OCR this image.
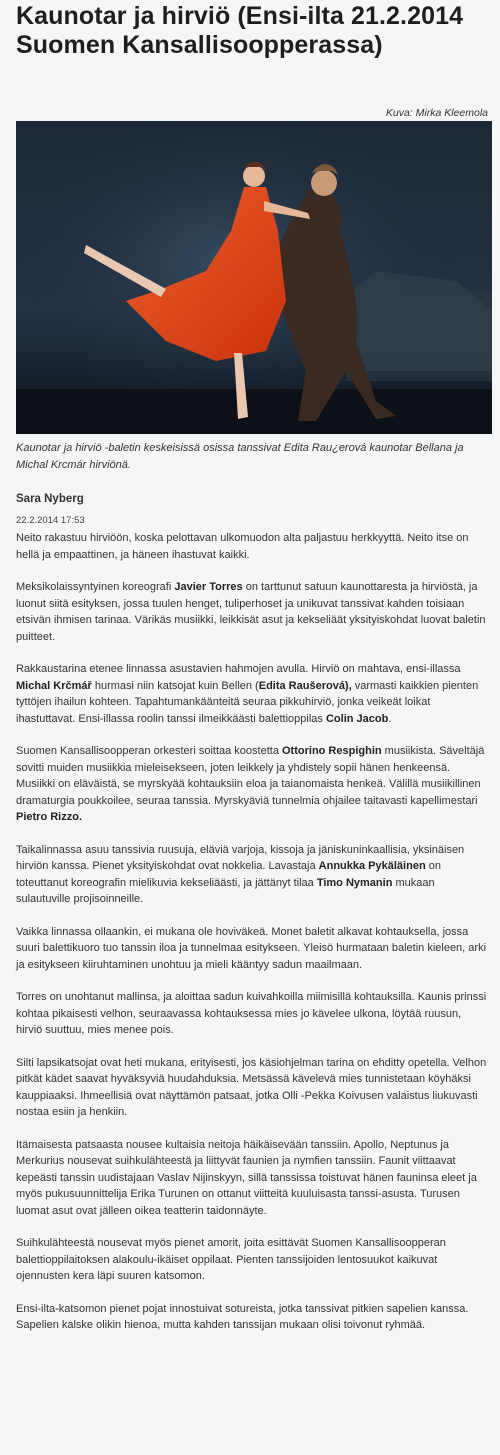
Kaunotar ja hirviö (Ensi-ilta 21.2.2014 Suomen Kansallisoopperassa)
Kuva: Mirka Kleemola
Kaunotar ja hirviö -baletin keskeisissä osissa tanssivat Edita Rau¿erová kaunotar Bellana ja Michal Krcmár hirviönä.
Sara Nyberg
22.2.2014 17:53

Neito rakastuu hirviöön, koska pelottavan ulkomuodon alta paljastuu herkkyyttä. Neito itse on hellä ja empaattinen, ja häneen ihastuvat kaikki.

Meksikolaissyntyinen koreografi Javier Torres on tarttunut satuun kaunottaresta ja hirviöstä, ja luonut siitä esityksen, jossa tuulen henget, tuliperhoset ja unikuvat tanssivat kahden toisiaan etsivän ihmisen tarinaa. Värikäs musiikki, leikkisät asut ja kekseliäät yksityiskohdat luovat baletin puitteet.

Rakkaustarina etenee linnassa asustavien hahmojen avulla. Hirviö on mahtava, ensi-illassa Michal Krčmář hurmasi niin katsojat kuin Bellen (Edita Raušerová), varmasti kaikkien pienten tyttöjen ihailun kohteen. Tapahtumankäänteitä seuraa pikkuhirviö, jonka veikeät loikat ihastuttavat. Ensi-illassa roolin tanssi ilmeikkäästi balettioppilas Colin Jacob.

Suomen Kansallisoopperan orkesteri soittaa koostetta Ottorino Respighin musiikista. Säveltäjä sovitti muiden musiikkia mieleisekseen, joten leikkely ja yhdistely sopii hänen henkeensä. Musiikki on eläväistä, se myrskyää kohtauksiin eloa ja taianomaista henkeä. Välillä musiikillinen dramaturgia poukkoilee, seuraa tanssia. Myrskyäviä tunnelmia ohjailee taitavasti kapellimestari Pietro Rizzo.

Taikalinnassa asuu tanssivia ruusuja, eläviä varjoja, kissoja ja jäniskuninkaallisia, yksinäisen hirviön kanssa. Pienet yksityiskohdat ovat nokkelia. Lavastaja Annukka Pykäläinen on toteuttanut koreografin mielikuvia kekseliäästi, ja jättänyt tilaa Timo Nymanin mukaan sulautuville projisoinneille.

Vaikka linnassa ollaankin, ei mukana ole hoviväkeä. Monet baletit alkavat kohtauksella, jossa suuri balettikuoro tuo tanssin iloa ja tunnelmaa esitykseen. Yleisö hurmataan baletin kieleen, arki ja esitykseen kiiruhtaminen unohtuu ja mieli kääntyy sadun maailmaan.

Torres on unohtanut mallinsa, ja aloittaa sadun kuivahkoilla miimisillä kohtauksilla. Kaunis prinssi kohtaa pikaisesti velhon, seuraavassa kohtauksessa mies jo kävelee ulkona, löytää ruusun, hirviö suuttuu, mies menee pois.

Silti lapsikatsojat ovat heti mukana, erityisesti, jos käsiohjelman tarina on ehditty opetella. Velhon pitkät kädet saavat hyväksyviä huudahduksia. Metsässä kävelevä mies tunnistetaan köyhäksi kauppiaaksi. Ihmeellisiä ovat näyttämön patsaat, jotka Olli -Pekka Koivusen valaistus liukuvasti nostaa esiin ja henkiin.

Itämaisesta patsaasta nousee kultaisia neitoja häikäisevään tanssiin. Apollo, Neptunus ja Merkurius nousevat suihkulähteestä ja liittyvät faunien ja nymfien tanssiin. Faunit viittaavat kepeästi tanssin uudistajaan Vaslav Nijinskyyn, sillä tanssissa toistuvat hänen fauninsa eleet ja myös pukusuunnittelija Erika Turunen on ottanut viitteitä kuuluisasta tanssi-asusta. Turusen luomat asut ovat jälleen oikea teatterin taidonnäyte.

Suihkulähteestä nousevat myös pienet amorit, joita esittävät Suomen Kansallisoopperan balettioppilaitoksen alakoulu-ikäiset oppilaat. Pienten tanssijoiden lentosuukot kaikuvat ojennusten kera läpi suuren katsomon.

Ensi-ilta-katsomon pienet pojat innostuivat sotureista, jotka tanssivat pitkien sapelien kanssa. Sapelien kalske olikin hienoa, mutta kahden tanssijan mukaan olisi toivonut ryhmää.
